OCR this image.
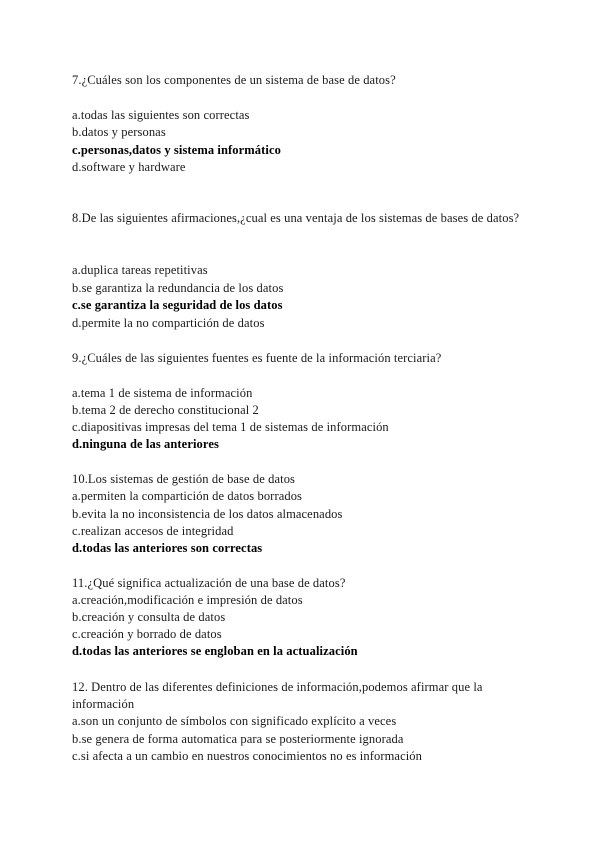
7.¿Cuáles son los componentes de un sistema de base de datos?
a.todas las siguientes son correctas
b.datos y personas
c.personas,datos y sistema informático
d.software y hardware
8.De las siguientes afirmaciones,¿cual es una ventaja de los sistemas de bases de datos?
a.duplica tareas repetitivas
b.se garantiza la redundancia de los datos
c.se garantiza la seguridad de los datos
d.permite la no compartición de datos
9.¿Cuáles de las siguientes fuentes es fuente de la información terciaria?
a.tema 1 de sistema de información
b.tema 2 de derecho constitucional 2
c.diapositivas impresas del tema 1 de sistemas de información
d.ninguna de las anteriores
10.Los sistemas de gestión de base de datos
a.permiten la compartición de datos borrados
b.evita la no inconsistencia de los datos almacenados
c.realizan accesos de integridad
d.todas las anteriores son correctas
11.¿Qué significa actualización de una base de datos?
a.creación,modificación e impresión de datos
b.creación y consulta de datos
c.creación y borrado de datos
d.todas las anteriores se engloban en la actualización
12. Dentro de las diferentes definiciones de información,podemos afirmar que la información
a.son un conjunto de símbolos con significado explícito a veces
b.se genera de forma automatica para se posteriormente ignorada
c.si afecta a un cambio en nuestros conocimientos no es información
